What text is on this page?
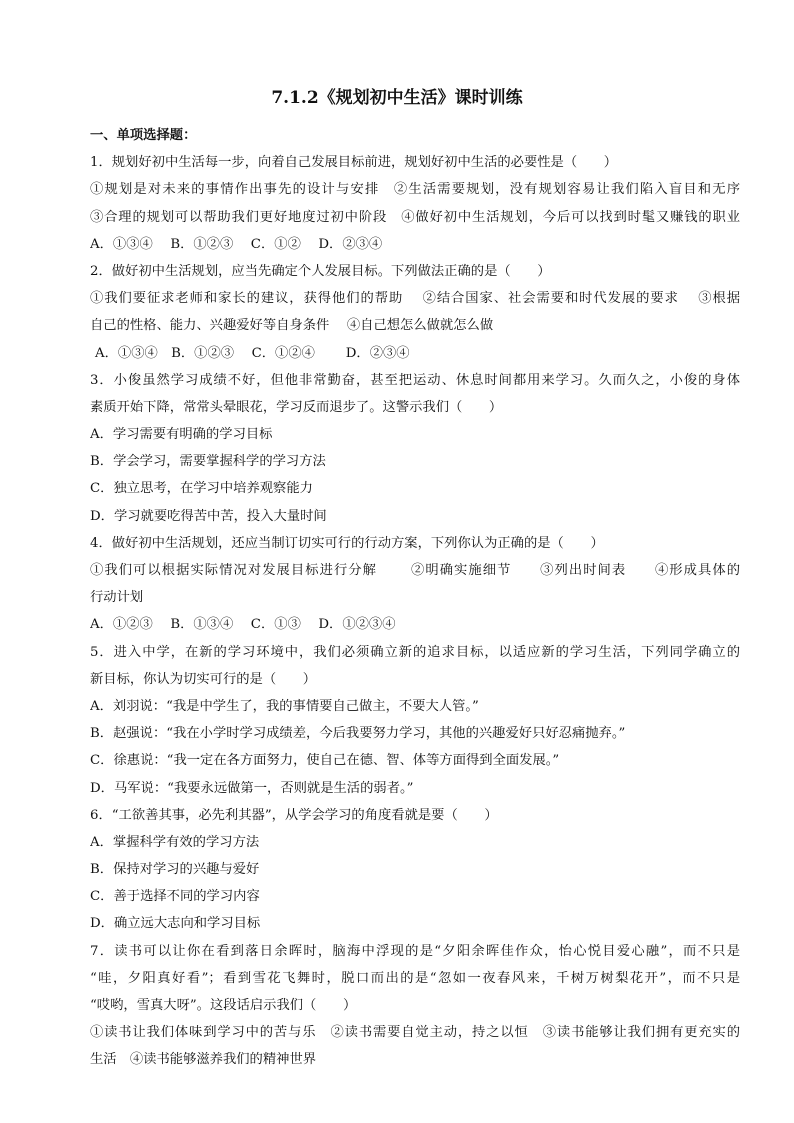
7.1.2《规划初中生活》课时训练
一、单项选择题：
1．规划好初中生活每一步，向着自己发展目标前进，规划好初中生活的必要性是（　　）
①规划是对未来的事情作出事先的设计与安排　②生活需要规划，没有规划容易让我们陷入盲目和无序
③合理的规划可以帮助我们更好地度过初中阶段　④做好初中生活规划，今后可以找到时髦又赚钱的职业
A．①③④　 B．①②③　 C．①②　 D．②③④
2．做好初中生活规划，应当先确定个人发展目标。下列做法正确的是（　　）
①我们要征求老师和家长的建议，获得他们的帮助　 ②结合国家、社会需要和时代发展的要求　 ③根据
自己的性格、能力、兴趣爱好等自身条件　 ④自己想怎么做就怎么做
A．①③④　B．①②③　 C．①②④　 　D．②③④
3．小俊虽然学习成绩不好，但他非常勤奋，甚至把运动、休息时间都用来学习。久而久之，小俊的身体
素质开始下降，常常头晕眼花，学习反而退步了。这警示我们（　　）
A．学习需要有明确的学习目标
B．学会学习，需要掌握科学的学习方法
C．独立思考，在学习中培养观察能力
D．学习就要吃得苦中苦，投入大量时间
4．做好初中生活规划，还应当制订切实可行的行动方案，下列你认为正确的是（　　）
①我们可以根据实际情况对发展目标进行分解　　 ②明确实施细节　　③列出时间表　　④形成具体的
行动计划
A．①②③　 B．①③④　 C．①③　 D．①②③④
5．进入中学，在新的学习环境中，我们必须确立新的追求目标，以适应新的学习生活，下列同学确立的
新目标，你认为切实可行的是（　　）
A．刘羽说：“我是中学生了，我的事情要自己做主，不要大人管。”
B．赵强说：“我在小学时学习成绩差，今后我要努力学习，其他的兴趣爱好只好忍痛抛弃。”
C．徐惠说：“我一定在各方面努力，使自己在德、智、体等方面得到全面发展。”
D．马军说：“我要永远做第一，否则就是生活的弱者。”
6．“工欲善其事，必先利其器”，从学会学习的角度看就是要（　　）
A．掌握科学有效的学习方法
B．保持对学习的兴趣与爱好
C．善于选择不同的学习内容
D．确立远大志向和学习目标
7．读书可以让你在看到落日余晖时，脑海中浮现的是“夕阳余晖佳作众，怡心悦目爱心融”，而不只是
“哇，夕阳真好看”；看到雪花飞舞时，脱口而出的是“忽如一夜春风来，千树万树梨花开”，而不只是
“哎哟，雪真大呀”。这段话启示我们（　　）
①读书让我们体味到学习中的苦与乐　②读书需要自觉主动，持之以恒　③读书能够让我们拥有更充实的
生活　④读书能够滋养我们的精神世界
